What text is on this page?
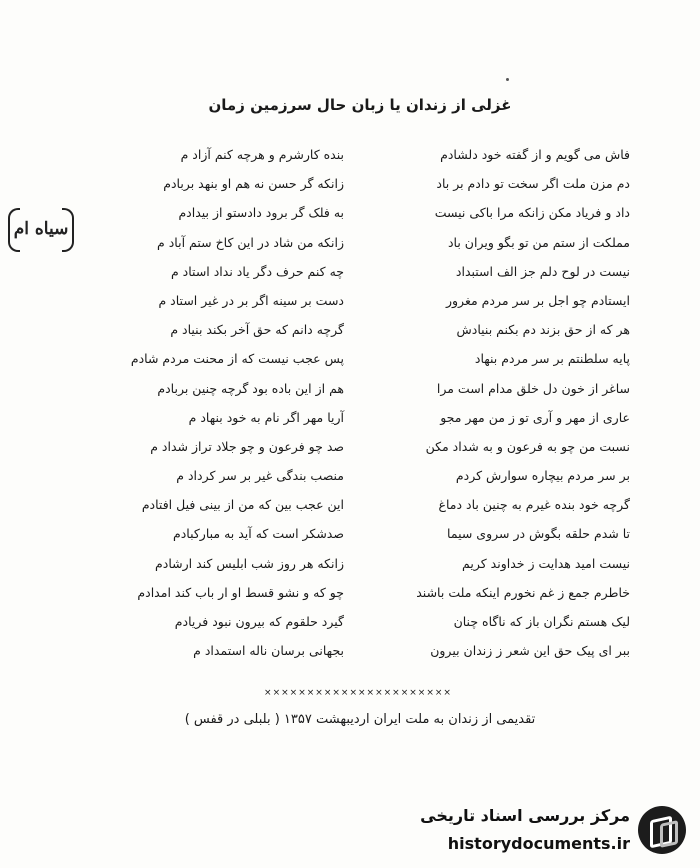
غزلی از زندان یا زبان حال سرزمین زمان
سیاه ام
فاش می گویم و از گفته خود دلشادم
دم مزن ملت اگر سخت تو دادم بر باد
داد و فریاد مکن زانکه مرا باکی نیست
مملکت از ستم من تو بگو ویران باد
نیست در لوح دلم جز الف استبداد
ایستادم چو اجل بر سر مردم مغرور
هر که از حق بزند دم بکنم بنیادش
پایه سلطنتم بر سر مردم بنهاد
ساغر از خون دل خلق مدام است مرا
عاری از مهر و آری تو ز من مهر مجو
نسبت من چو به فرعون و به شداد مکن
بر سر مردم بیچاره سوارش کردم
گرچه خود بنده غیرم به چنین باد دماغ
تا شدم حلقه بگوش در سروی سیما
نیست امید هدایت ز خداوند کریم
خاطرم جمع ز غم نخورم اینکه ملت باشند
لیک هستم نگران باز که ناگاه چنان
ببر ای پیک حق این شعر ز زندان بیرون
بنده کارشرم و هرچه کنم آزاد م
زانکه گر حسن نه هم او بنهد بربادم
به فلک گر برود دادستو از بیدادم
زانکه من شاد در این کاخ ستم آباد م
چه کنم حرف دگر یاد نداد استاد م
دست بر سینه اگر بر در غیر استاد م
گرچه دانم که حق آخر بکند بنیاد م
پس عجب نیست که از محنت مردم شادم
هم از این باده بود گرچه چنین بربادم
آریا مهر اگر نام به خود بنهاد م
صد چو فرعون و چو جلاد تراز شداد م
منصب بندگی غیر بر سر کرداد م
این عجب بین که من از بینی فیل افتادم
صدشکر است که آید به مبارکبادم
زانکه هر روز شب ابلیس کند ارشادم
چو که و نشو قسط او ار باب کند امدادم
گیرد حلقوم که بیرون نبود فریادم
بجهانی برسان ناله استمداد م
××××××××××××××××××××××
تقدیمی از زندان به ملت ایران اردیبهشت ۱۳۵۷ ( بلبلی در قفس )
مرکز بررسی اسناد تاریخی
historydocuments.ir
